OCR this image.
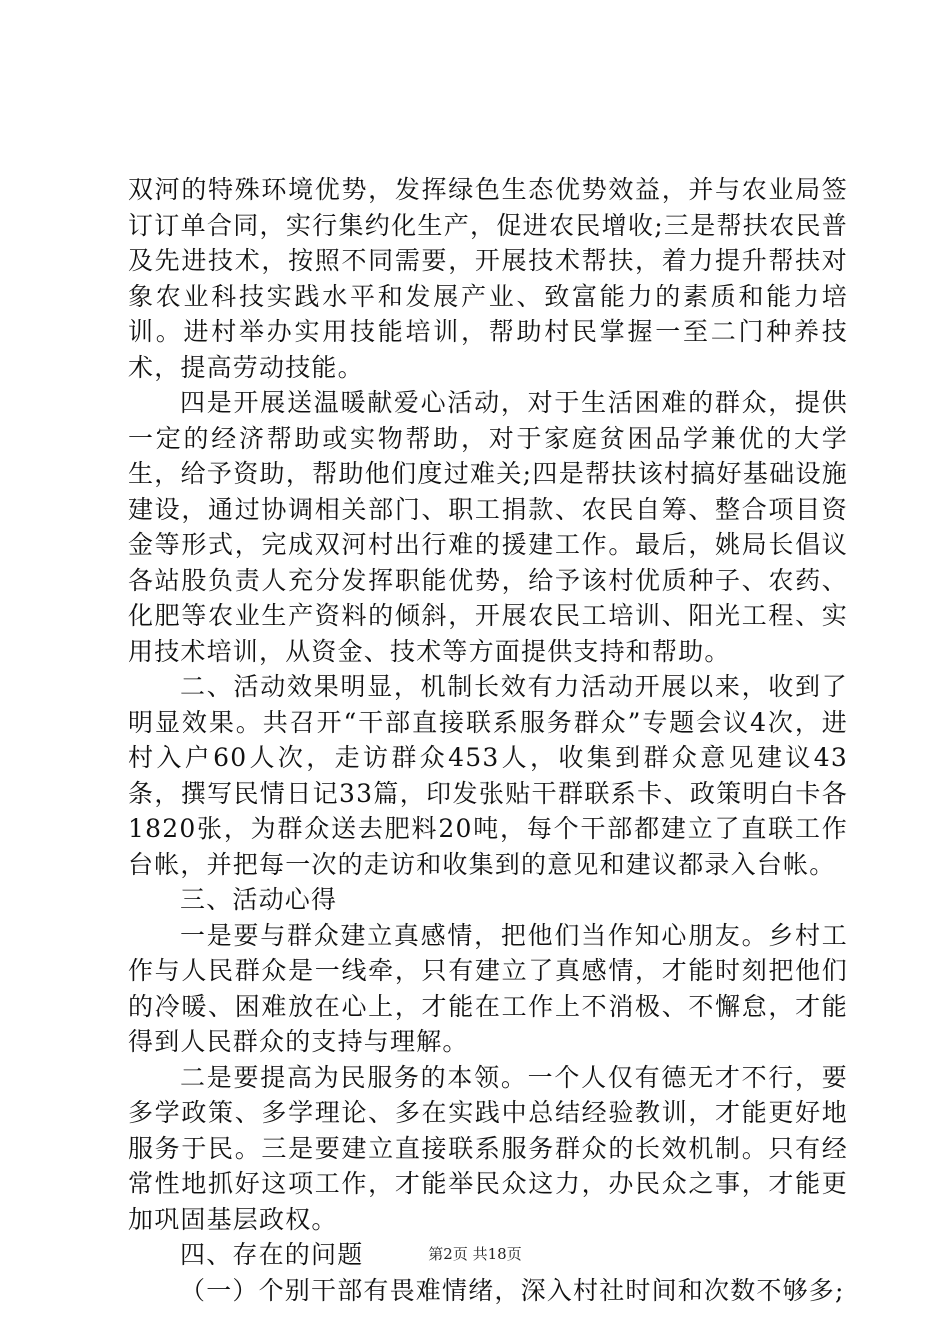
双河的特殊环境优势，发挥绿色生态优势效益，并与农业局签订订单合同，实行集约化生产，促进农民增收;三是帮扶农民普及先进技术，按照不同需要，开展技术帮扶，着力提升帮扶对象农业科技实践水平和发展产业、致富能力的素质和能力培训。进村举办实用技能培训，帮助村民掌握一至二门种养技术，提高劳动技能。

四是开展送温暖献爱心活动，对于生活困难的群众，提供一定的经济帮助或实物帮助，对于家庭贫困品学兼优的大学生，给予资助，帮助他们度过难关;四是帮扶该村搞好基础设施建设，通过协调相关部门、职工捐款、农民自筹、整合项目资金等形式，完成双河村出行难的援建工作。最后，姚局长倡议各站股负责人充分发挥职能优势，给予该村优质种子、农药、化肥等农业生产资料的倾斜，开展农民工培训、阳光工程、实用技术培训，从资金、技术等方面提供支持和帮助。

二、活动效果明显，机制长效有力活动开展以来，收到了明显效果。共召开“干部直接联系服务群众”专题会议4次，进村入户60人次，走访群众453人，收集到群众意见建议43条，撰写民情日记33篇，印发张贴干群联系卡、政策明白卡各1820张，为群众送去肥料20吨，每个干部都建立了直联工作台帐，并把每一次的走访和收集到的意见和建议都录入台帐。

三、活动心得

一是要与群众建立真感情，把他们当作知心朋友。乡村工作与人民群众是一线牵，只有建立了真感情，才能时刻把他们的冷暖、困难放在心上，才能在工作上不消极、不懈怠，才能得到人民群众的支持与理解。

二是要提高为民服务的本领。一个人仅有德无才不行，要多学政策、多学理论、多在实践中总结经验教训，才能更好地服务于民。三是要建立直接联系服务群众的长效机制。只有经常性地抓好这项工作，才能举民众这力，办民众之事，才能更加巩固基层政权。

四、存在的问题

（一）个别干部有畏难情绪，深入村社时间和次数不够多;

第2页 共18页
